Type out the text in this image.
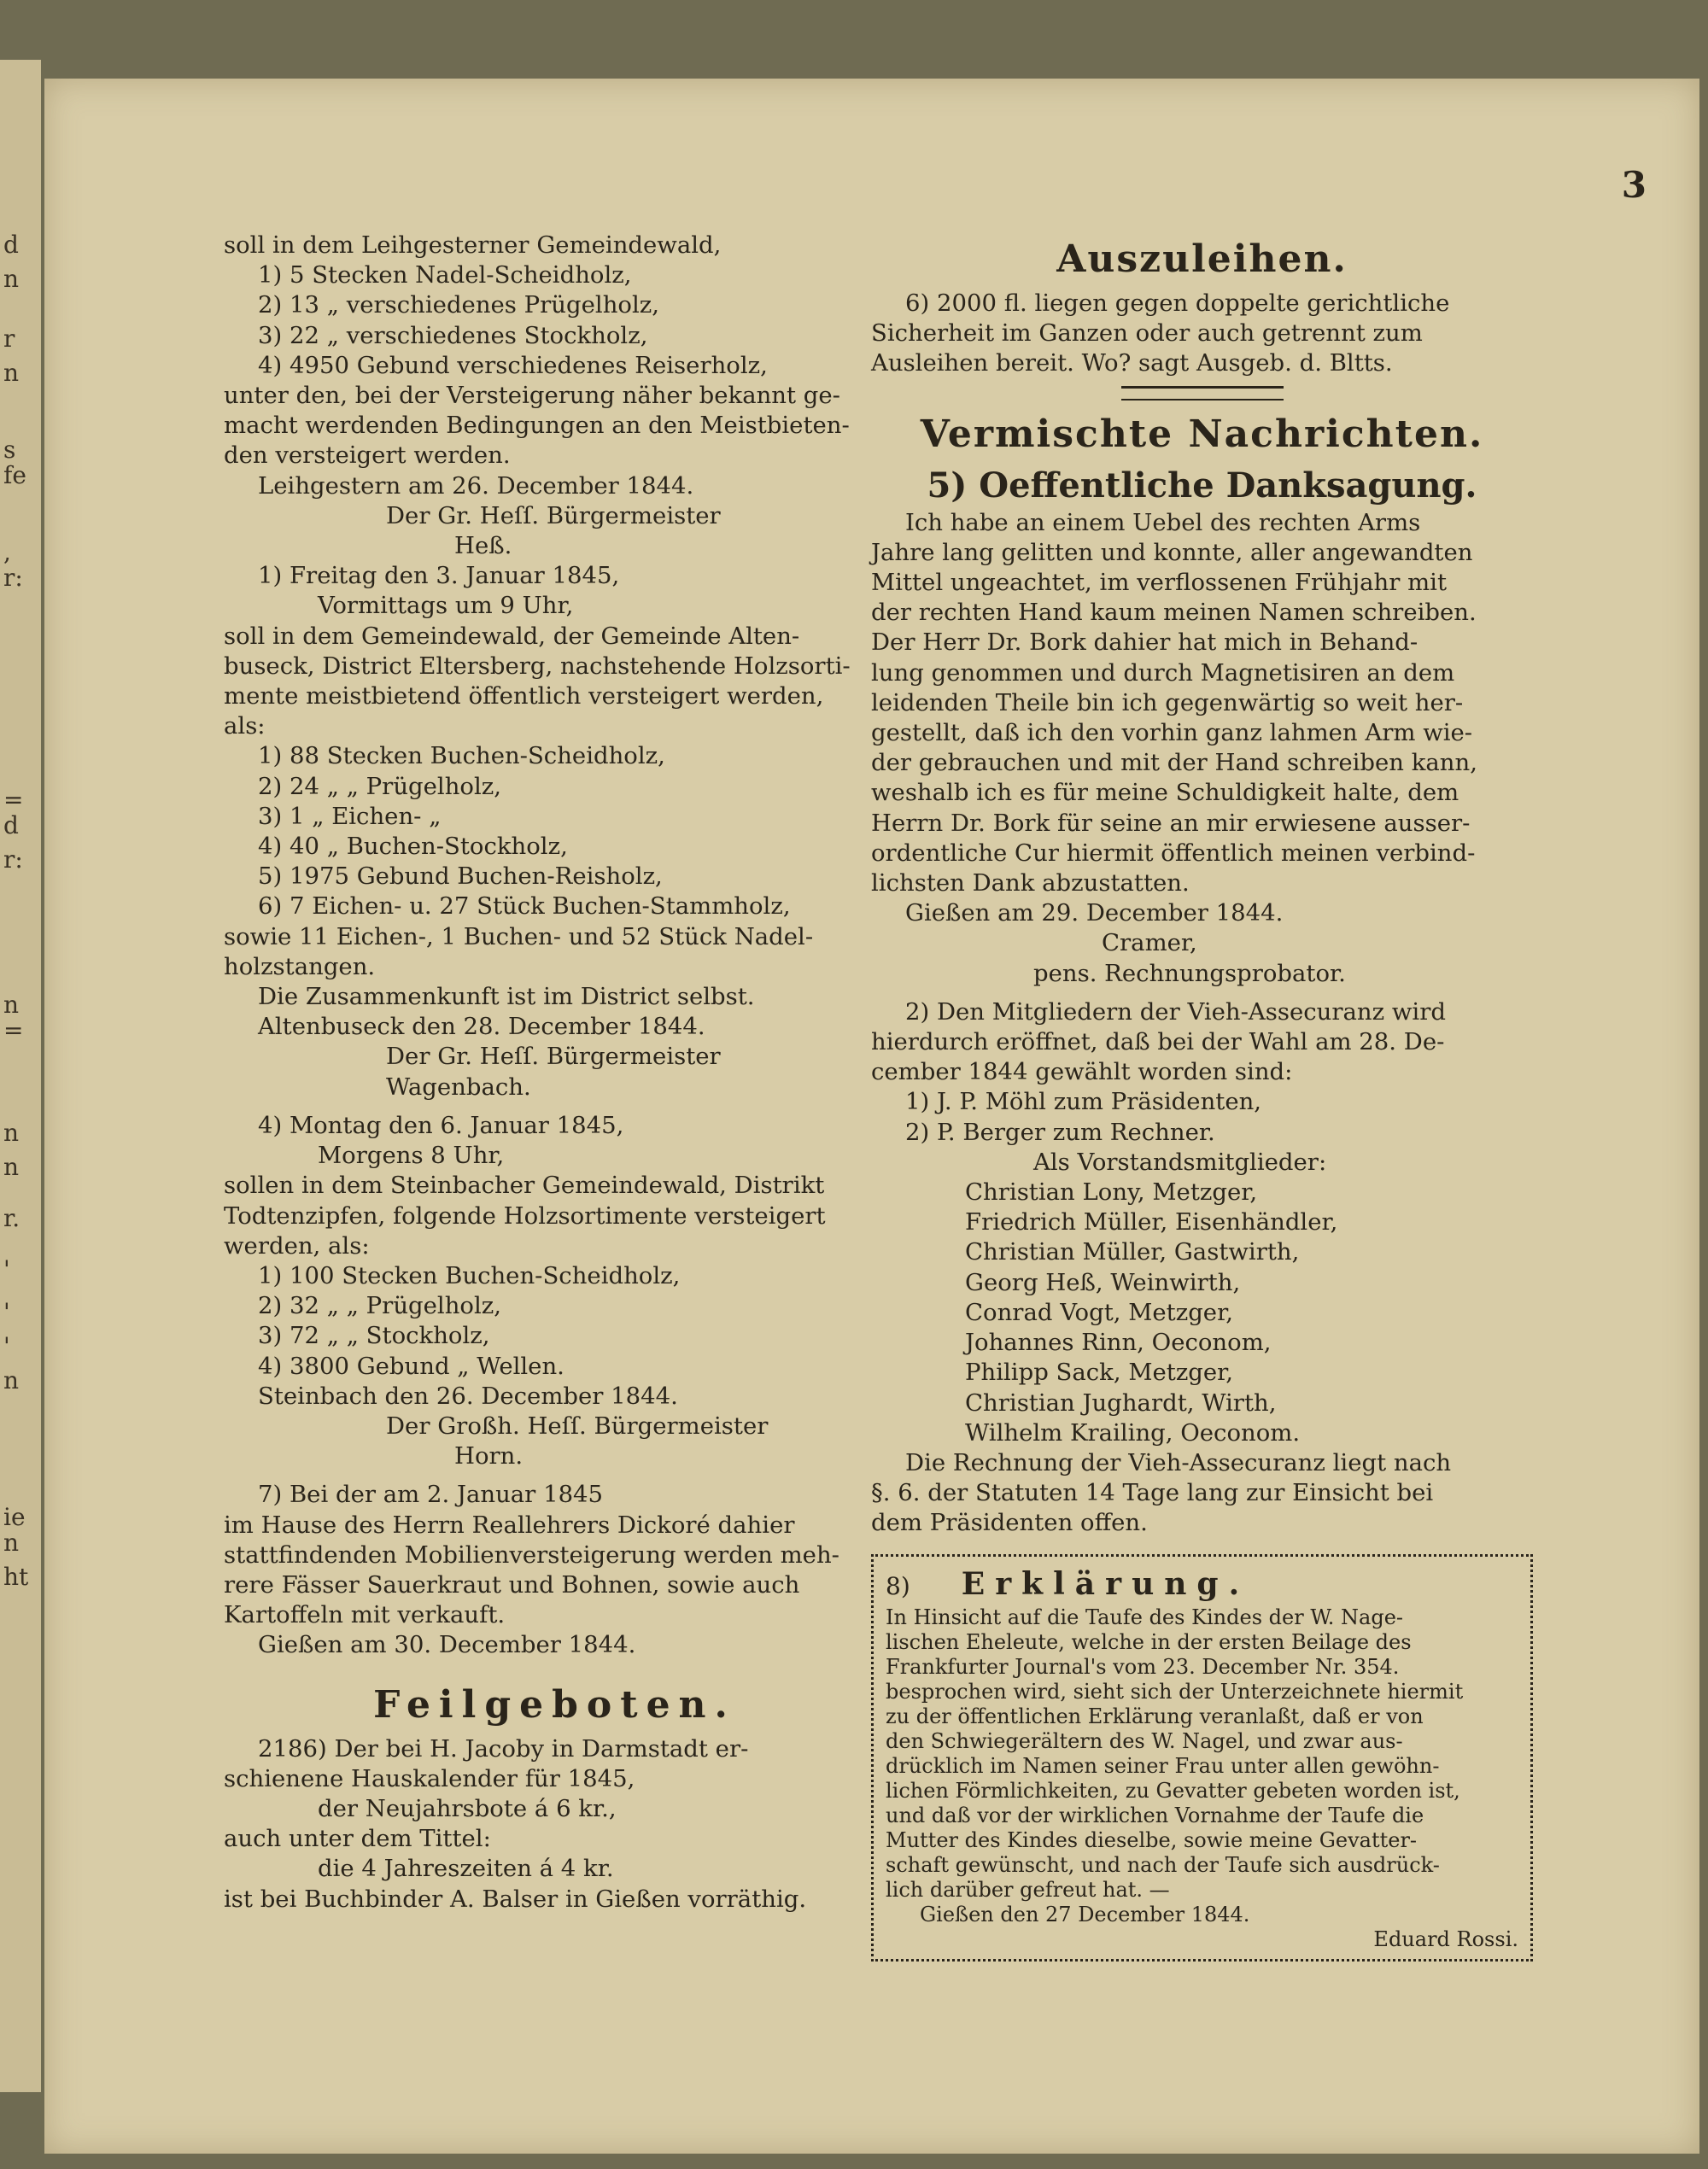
d
n
r
n
s
fe
,
r:
=
d
r:
n
=
n
n
r.
'
'
'
n
ie
n
ht
3

soll in dem Leihgesterner Gemeindewald,

1) 5 Stecken Nadel-Scheidholz,

2) 13 „ verschiedenes Prügelholz,

3) 22 „ verschiedenes Stockholz,

4) 4950 Gebund verschiedenes Reiserholz,

unter den, bei der Versteigerung näher bekannt ge-

macht werdenden Bedingungen an den Meistbieten-

den versteigert werden.

Leihgestern am 26. December 1844.

Der Gr. Heſſ. Bürgermeister

Heß.

1) Freitag den 3. Januar 1845,

Vormittags um 9 Uhr,

soll in dem Gemeindewald, der Gemeinde Alten-

buseck, District Eltersberg, nachstehende Holzsorti-

mente meistbietend öffentlich versteigert werden,

als:

1) 88 Stecken Buchen-Scheidholz,

2) 24 „ „ Prügelholz,

3) 1 „ Eichen- „

4) 40 „ Buchen-Stockholz,

5) 1975 Gebund Buchen-Reisholz,

6) 7 Eichen- u. 27 Stück Buchen-Stammholz,

sowie 11 Eichen-, 1 Buchen- und 52 Stück Nadel-

holzstangen.

Die Zusammenkunft ist im District selbst.

Altenbuseck den 28. December 1844.

Der Gr. Heſſ. Bürgermeister

Wagenbach.

4) Montag den 6. Januar 1845,

Morgens 8 Uhr,

sollen in dem Steinbacher Gemeindewald, Distrikt

Todtenzipfen, folgende Holzsortimente versteigert

werden, als:

1) 100 Stecken Buchen-Scheidholz,

2) 32 „ „ Prügelholz,

3) 72 „ „ Stockholz,

4) 3800 Gebund „ Wellen.

Steinbach den 26. December 1844.

Der Großh. Heſſ. Bürgermeister

Horn.

7) Bei der am 2. Januar 1845

im Hause des Herrn Reallehrers Dickoré dahier

stattfindenden Mobilienversteigerung werden meh-

rere Fässer Sauerkraut und Bohnen, sowie auch

Kartoffeln mit verkauft.

Gießen am 30. December 1844.

Feilgeboten.

2186) Der bei H. Jacoby in Darmstadt er-

schienene Hauskalender für 1845,

der Neujahrsbote á 6 kr.,

auch unter dem Tittel:

die 4 Jahreszeiten á 4 kr.

ist bei Buchbinder A. Balser in Gießen vorräthig.

Auszuleihen.

6) 2000 fl. liegen gegen doppelte gerichtliche

Sicherheit im Ganzen oder auch getrennt zum

Ausleihen bereit. Wo? sagt Ausgeb. d. Bltts.

Vermischte Nachrichten.
5) Oeffentliche Danksagung.

Ich habe an einem Uebel des rechten Arms

Jahre lang gelitten und konnte, aller angewandten

Mittel ungeachtet, im verflossenen Frühjahr mit

der rechten Hand kaum meinen Namen schreiben.

Der Herr Dr. Bork dahier hat mich in Behand-

lung genommen und durch Magnetisiren an dem

leidenden Theile bin ich gegenwärtig so weit her-

gestellt, daß ich den vorhin ganz lahmen Arm wie-

der gebrauchen und mit der Hand schreiben kann,

weshalb ich es für meine Schuldigkeit halte, dem

Herrn Dr. Bork für seine an mir erwiesene ausser-

ordentliche Cur hiermit öffentlich meinen verbind-

lichsten Dank abzustatten.

Gießen am 29. December 1844.

Cramer,

pens. Rechnungsprobator.

2) Den Mitgliedern der Vieh-Assecuranz wird

hierdurch eröffnet, daß bei der Wahl am 28. De-

cember 1844 gewählt worden sind:

1) J. P. Möhl zum Präsidenten,

2) P. Berger zum Rechner.

Als Vorstandsmitglieder:

Christian Lony, Metzger,

Friedrich Müller, Eisenhändler,

Christian Müller, Gastwirth,

Georg Heß, Weinwirth,

Conrad Vogt, Metzger,

Johannes Rinn, Oeconom,

Philipp Sack, Metzger,

Christian Jughardt, Wirth,

Wilhelm Krailing, Oeconom.

Die Rechnung der Vieh-Assecuranz liegt nach

§. 6. der Statuten 14 Tage lang zur Einsicht bei

dem Präsidenten offen.

8) Erklärung.

In Hinsicht auf die Taufe des Kindes der W. Nage-

lischen Eheleute, welche in der ersten Beilage des

Frankfurter Journal's vom 23. December Nr. 354.

besprochen wird, sieht sich der Unterzeichnete hiermit

zu der öffentlichen Erklärung veranlaßt, daß er von

den Schwiegerältern des W. Nagel, und zwar aus-

drücklich im Namen seiner Frau unter allen gewöhn-

lichen Förmlichkeiten, zu Gevatter gebeten worden ist,

und daß vor der wirklichen Vornahme der Taufe die

Mutter des Kindes dieselbe, sowie meine Gevatter-

schaft gewünscht, und nach der Taufe sich ausdrück-

lich darüber gefreut hat. —

Gießen den 27 December 1844.

Eduard Rossi.
